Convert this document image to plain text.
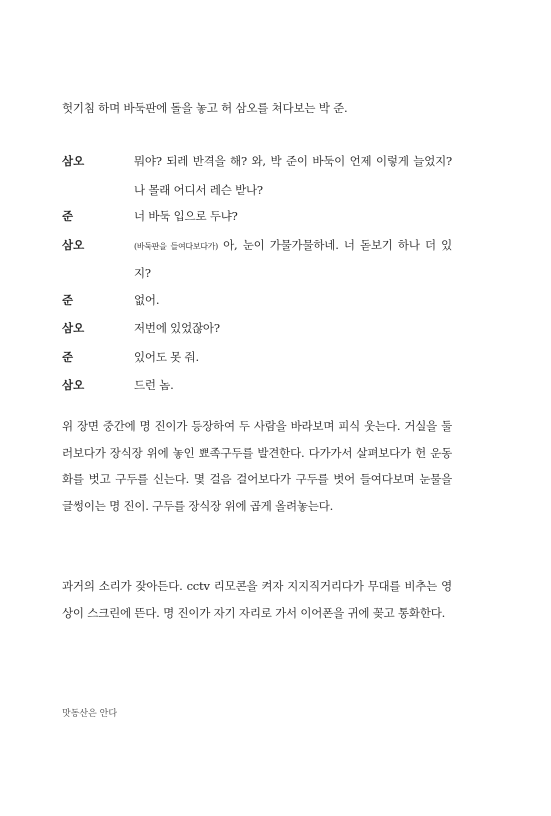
헛기침 하며 바둑판에 돌을 놓고 허 삼오를 쳐다보는 박 준.
삼오	뭐야? 되레 반격을 해? 와, 박 준이 바둑이 언제 이렇게 늘었지? 나 몰래 어디서 레슨 받나?
준	너 바둑 입으로 두냐?
삼오	(바둑판을 들여다보다가) 아, 눈이 가물가물하네. 너 돋보기 하나 더 있지?
준	없어.
삼오	저번에 있었잖아?
준	있어도 못 줘.
삼오	드런 놈.
위 장면 중간에 명 진이가 등장하여 두 사람을 바라보며 피식 웃는다. 거실을 둘러보다가 장식장 위에 놓인 뾰족구두를 발견한다. 다가가서 살펴보다가 헌 운동화를 벗고 구두를 신는다. 몇 걸음 걸어보다가 구두를 벗어 들여다보며 눈물을 글썽이는 명 진이. 구두를 장식장 위에 곱게 올려놓는다.
과거의 소리가 잦아든다. cctv 리모콘을 켜자 지지직거리다가 무대를 비추는 영상이 스크린에 뜬다. 명 진이가 자기 자리로 가서 이어폰을 귀에 꽂고 통화한다.
맛동산은 안다
